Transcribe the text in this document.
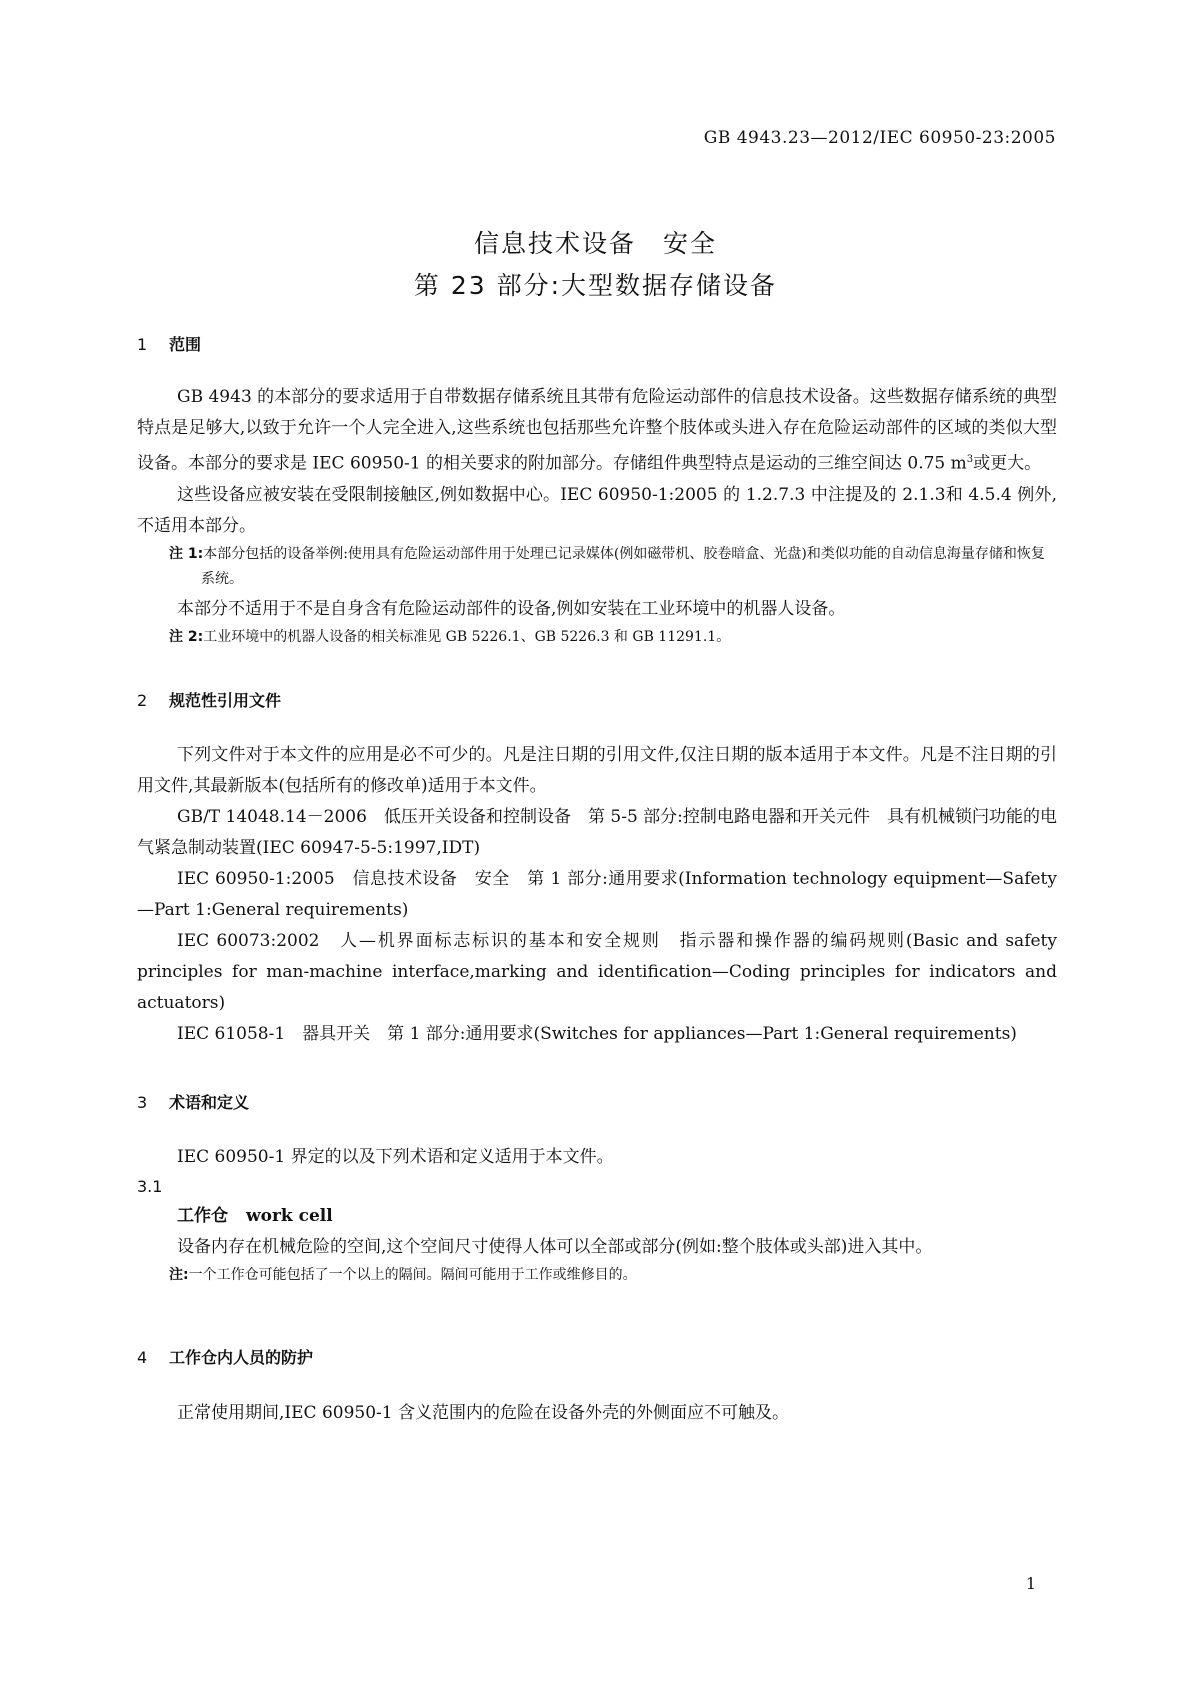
GB 4943.23—2012/IEC 60950-23:2005
信息技术设备　安全
第 23 部分:大型数据存储设备
1 范围

GB 4943 的本部分的要求适用于自带数据存储系统且其带有危险运动部件的信息技术设备。这些数据存储系统的典型特点是足够大,以致于允许一个人完全进入,这些系统也包括那些允许整个肢体或头进入存在危险运动部件的区域的类似大型设备。本部分的要求是 IEC 60950-1 的相关要求的附加部分。存储组件典型特点是运动的三维空间达 0.75 $m^3$或更大。

这些设备应被安装在受限制接触区,例如数据中心。IEC 60950-1:2005 的 1.2.7.3 中注提及的 2.1.3和 4.5.4 例外,不适用本部分。

注 1:本部分包括的设备举例:使用具有危险运动部件用于处理已记录媒体(例如磁带机、胶卷暗盒、光盘)和类似功能的自动信息海量存储和恢复系统。

本部分不适用于不是自身含有危险运动部件的设备,例如安装在工业环境中的机器人设备。

注 2:工业环境中的机器人设备的相关标准见 GB 5226.1、GB 5226.3 和 GB 11291.1。
2 规范性引用文件

下列文件对于本文件的应用是必不可少的。凡是注日期的引用文件,仅注日期的版本适用于本文件。凡是不注日期的引用文件,其最新版本(包括所有的修改单)适用于本文件。

GB/T 14048.14－2006　低压开关设备和控制设备　第 5-5 部分:控制电路电器和开关元件　具有机械锁闩功能的电气紧急制动装置(IEC 60947-5-5:1997,IDT)

IEC 60950-1:2005　信息技术设备　安全　第 1 部分:通用要求(Information technology equipment—Safety—Part 1:General requirements)

IEC 60073:2002　人—机界面标志标识的基本和安全规则　指示器和操作器的编码规则(Basic and safety principles for man-machine interface,marking and identification—Coding principles for indicators and actuators)

IEC 61058-1　器具开关　第 1 部分:通用要求(Switches for appliances—Part 1:General requirements)

3 术语和定义

IEC 60950-1 界定的以及下列术语和定义适用于本文件。

3.1
工作仓 work cell

设备内存在机械危险的空间,这个空间尺寸使得人体可以全部或部分(例如:整个肢体或头部)进入其中。

注:一个工作仓可能包括了一个以上的隔间。隔间可能用于工作或维修目的。
4 工作仓内人员的防护

正常使用期间,IEC 60950-1 含义范围内的危险在设备外壳的外侧面应不可触及。

1
